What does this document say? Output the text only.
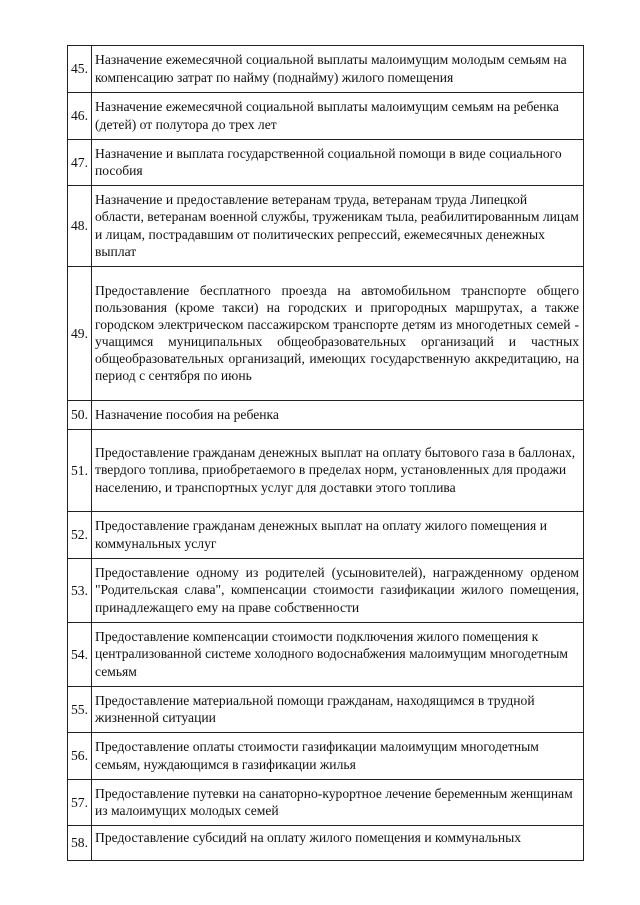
45.	Назначение ежемесячной социальной выплаты малоимущим молодым семьям на компенсацию затрат по найму (поднайму) жилого помещения
46.	Назначение ежемесячной социальной выплаты малоимущим семьям на ребенка (детей) от полутора до трех лет
47.	Назначение и выплата государственной социальной помощи в виде социального пособия
48.	Назначение и предоставление ветеранам труда, ветеранам труда Липецкой области, ветеранам военной службы, труженикам тыла, реабилитированным лицам и лицам, пострадавшим от политических репрессий, ежемесячных денежных выплат
49.	Предоставление бесплатного проезда на автомобильном транспорте общего пользования (кроме такси) на городских и пригородных маршрутах, а также городском электрическом пассажирском транспорте детям из многодетных семей - учащимся муниципальных общеобразовательных организаций и частных общеобразовательных организаций, имеющих государственную аккредитацию, на период с сентября по июнь
50.	Назначение пособия на ребенка
51.	Предоставление гражданам денежных выплат на оплату бытового газа в баллонах, твердого топлива, приобретаемого в пределах норм, установленных для продажи населению, и транспортных услуг для доставки этого топлива
52.	Предоставление гражданам денежных выплат на оплату жилого помещения и коммунальных услуг
53.	Предоставление одному из родителей (усыновителей), награжденному орденом "Родительская слава", компенсации стоимости газификации жилого помещения, принадлежащего ему на праве собственности
54.	Предоставление компенсации стоимости подключения жилого помещения к централизованной системе холодного водоснабжения малоимущим многодетным семьям
55.	Предоставление материальной помощи гражданам, находящимся в трудной жизненной ситуации
56.	Предоставление оплаты стоимости газификации малоимущим многодетным семьям, нуждающимся в газификации жилья
57.	Предоставление путевки на санаторно-курортное лечение беременным женщинам из малоимущих молодых семей
58.	Предоставление субсидий на оплату жилого помещения и коммунальных
